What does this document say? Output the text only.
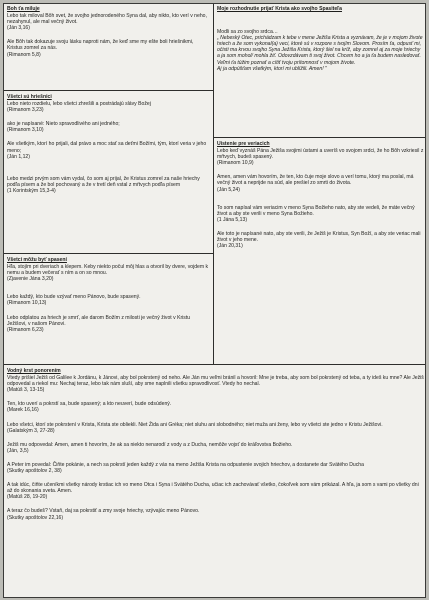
Boh ťa miluje

Lebo tak miloval Bôh svet, že svojho jednorodeného Syna dal, aby nikto, kto verí v neho, nezahynul, ale mal večný život.

(Ján 3,16)

Ale Bôh tak dokazuje svoju lásku naproti nám, že keď sme my ešte boli hriešnikmi, Kristus zomrel za nás.

(Rimanom 5,8)

Všetci sú hriešnici

Lebo nieto rozdielu, lebo všetci zhrešili a postrádajú slávy Božej

(Rimanom 3,23)

ako je napísané: Nieto spravodlivého ani jedného;

(Rimanom 3,10)

Ale všetkým, ktorí ho prijali, dal právo a moc stať sa deťmi Božími, tým, ktorí veria v jeho meno;

(Ján 1,12)

Lebo medzi prvým som vám vydal, čo som aj prijal, že Kristus zomrel za naše hriechy podľa písem a že bol pochovaný a že v tretí deň vstal z mŕtvych podľa písem

(1 Korintským 15,3-4)

Všetci môžu byť spasení

Hľa, stojím pri dveriach a klepem. Keby niekto počul môj hlas a otvoril by dvere, vojdem k nemu a budem večerať s ním a on so mnou.

(Zjavenie Jána 3,20)

Lebo každý, kto bude vzývať meno Pánovo, bude spasený.

(Rimanom 10,13)

Lebo odplatou za hriech je smrť, ale darom Božím z milosti je večný život v Kristu Ježišovi, v našom Pánovi.

(Rimanom 6,23)

Moje rozhodnutie prijať Krista ako svojho Spasiteľa

Modli sa zo svojho srdca…

„ Nebeský Otec, prichádzam k tebe v mene Ježiša Krista a vyznávam, že je v mojom živote hriech a že som vykonal(a) veci, ktoré sú v rozpore s tvojím Slovom. Prosím ťa, odpusť mi, očisti ma krvou svojho Syna Ježiša Krista, ktorý šiel na kríž, aby zomrel aj za moje hriechy a ja som mohol/ mohla žiť. Odovzdávam ti svoj život. Chcem ho a ja ťa budem nasledovať. Veľmi ťa túžim poznať a cítiť tvoju prítomnosť v mojom živote.

Aj ja odpúšťam všetkým, ktorí mi ublížili. Amen! "

Uistenie pre veriacich

Lebo keď vyznáš Pána Ježiša svojimi ústami a uveríš vo svojom srdci, že ho Bôh vzkriesil z mŕtvych, budeš spasený.

(Rimanom 10,9)

Amen, amen vám hovorím, že ten, kto čuje moje slovo a verí tomu, ktorý ma poslal, má večný život a neprijde na súd, ale prešiel zo smrti do života.

(Ján 5,24)

To som napísal vám veriacim v meno Syna Božieho nato, aby ste vedeli, že máte večný život a aby ste verili v meno Syna Božieho.

(1 Jána 5,13)

Ale toto je napísané nato, aby ste verili, že Ježiš je Kristus, Syn Boží, a aby ste veriac mali život v jeho mene.

(Ján 20,31)

Vodný krst ponorením

Vtedy prišiel Ježiš od Galilee k Jordánu, k Jánovi, aby bol pokrstený od neho. Ale Ján mu veľmi bránil a hovoril: Mne je treba, aby som bol pokrstený od teba, a ty ideš ku mne? Ale Ježiš odpovedal a riekol mu: Nechaj teraz, lebo tak nám sluší, aby sme naplnili všetku spravodlivosť. Vtedy ho nechal.

(Matúš 3, 13-15)

Ten, kto uverí a pokrstí sa, bude spasený; a kto neuverí, bude odsúdený.

(Marek 16,16)

Lebo všetci, ktorí ste pokrstení v Krista, Krista ste obliekli. Niet Žida ani Gréka; niet sluhu ani slobodného; niet muža ani ženy, lebo vy všetci ste jedno v Kristu Ježišovi.

(Galatským 3, 27-28)

Ježiš mu odpovedal: Amen, amen ti hovorím, že ak sa niekto nenarodí z vody a z Ducha, nemôže vojsť do kráľovstva Božieho.

(Ján, 3,5)

A Peter im povedal: Čiňte pokánie, a nech sa pokrstí jeden každý z vás na meno Ježiša Krista na odpustenie svojich hriechov, a dostanete dar Svätého Ducha

(Skutky apoštolov 2, 38)

A tak idúc, čiňte učeníkmi všetky národy krstiac ich vo meno Otca i Syna i Svätého Ducha, učiac ich zachovávať všetko, čokoľvek som vám prikázal. A hľa, ja som s vami po všetky dni až do skonania sveta. Amen.

(Matúš 28, 19-20)

A teraz čo budeš? Vstaň, daj sa pokrstiť a zmy svoje hriechy, vzývajúc meno Pánovo.

(Skutky apoštolov 22,16)
